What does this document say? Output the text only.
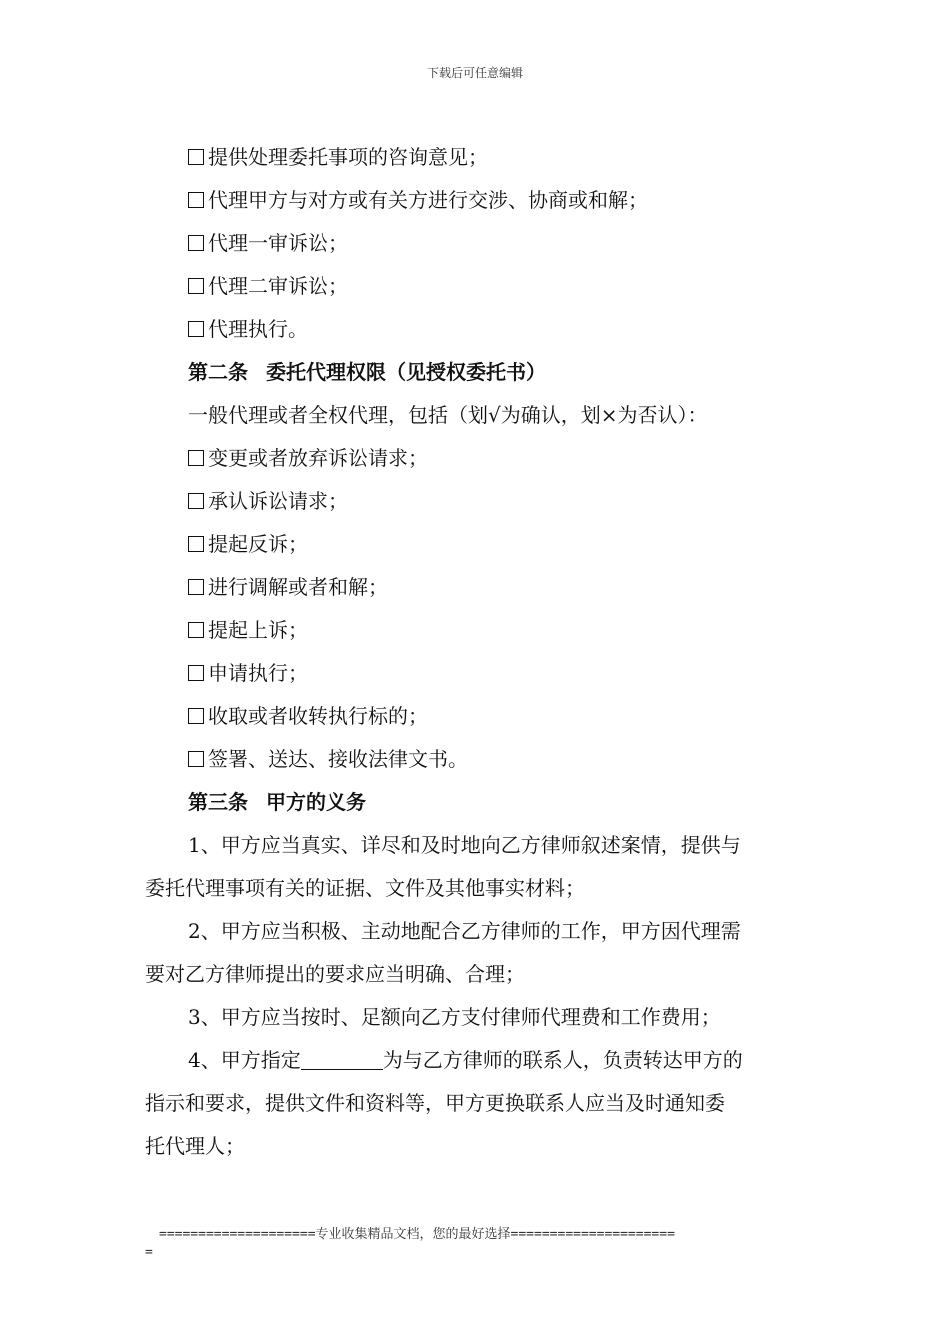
下载后可任意编辑
提供处理委托事项的咨询意见；
代理甲方与对方或有关方进行交涉、协商或和解；
代理一审诉讼；
代理二审诉讼；
代理执行。
第二条 委托代理权限（见授权委托书）
一般代理或者全权代理，包括（划√为确认，划×为否认）：
变更或者放弃诉讼请求；
承认诉讼请求；
提起反诉；
进行调解或者和解；
提起上诉；
申请执行；
收取或者收转执行标的；
签署、送达、接收法律文书。
第三条 甲方的义务
1、甲方应当真实、详尽和及时地向乙方律师叙述案情，提供与
委托代理事项有关的证据、文件及其他事实材料；
2、甲方应当积极、主动地配合乙方律师的工作，甲方因代理需
要对乙方律师提出的要求应当明确、合理；
3、甲方应当按时、足额向乙方支付律师代理费和工作费用；
4、甲方指定	为与乙方律师的联系人，负责转达甲方的
指示和要求，提供文件和资料等，甲方更换联系人应当及时通知委
托代理人；
====================专业收集精品文档，您的最好选择=====================
=
